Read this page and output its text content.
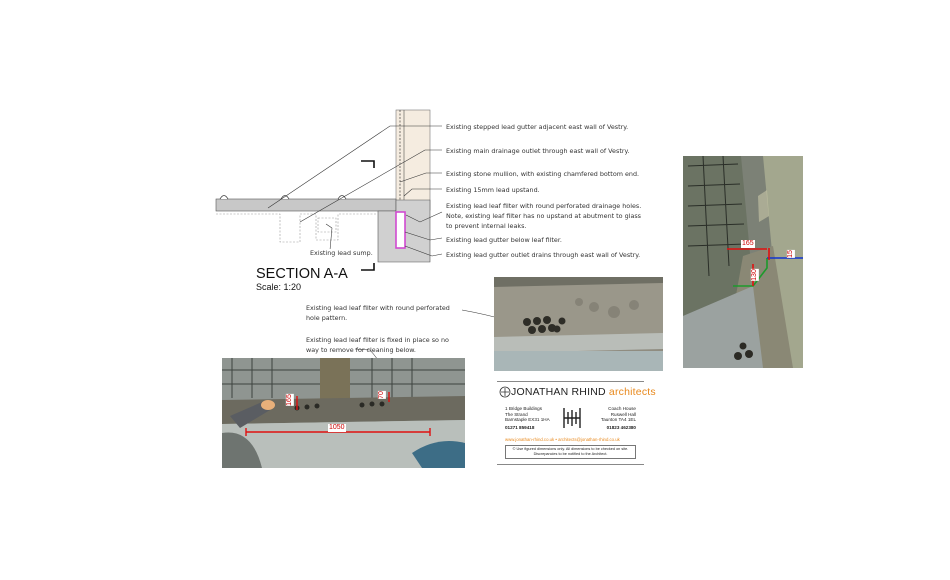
Existing stepped lead gutter adjacent east wall of Vestry.
Existing main drainage outlet through east wall of Vestry.
Existing stone mullion, with existing chamfered bottom end.
Existing 15mm lead upstand.
Existing lead leaf filter with round perforated drainage holes.
Note, existing leaf filter has no upstand at abutment to glass
to prevent internal leaks.
Existing lead gutter below leaf filter.
Existing lead gutter outlet drains through east wall of Vestry.
Existing lead sump.
SECTION A-A
Scale: 1:20
Existing lead leaf filter with round perforated
hole pattern.
Existing lead leaf filter is fixed in place so no
way to remove for cleaning below.
1050
165	70
165
130
15
JONATHAN RHIND architects
1 Bridge Buildings
The Strand
Barnstaple EX31 1HA
01271 859418
Coach House
Ruswell Hall
Taunton TA4 1EL
01823 462380
www.jonathan-rhind.co.uk • architects@jonathan-rhind.co.uk
© Use figured dimensions only. All dimensions to be checked on site.
Discrepancies to be notified to the Architect.
